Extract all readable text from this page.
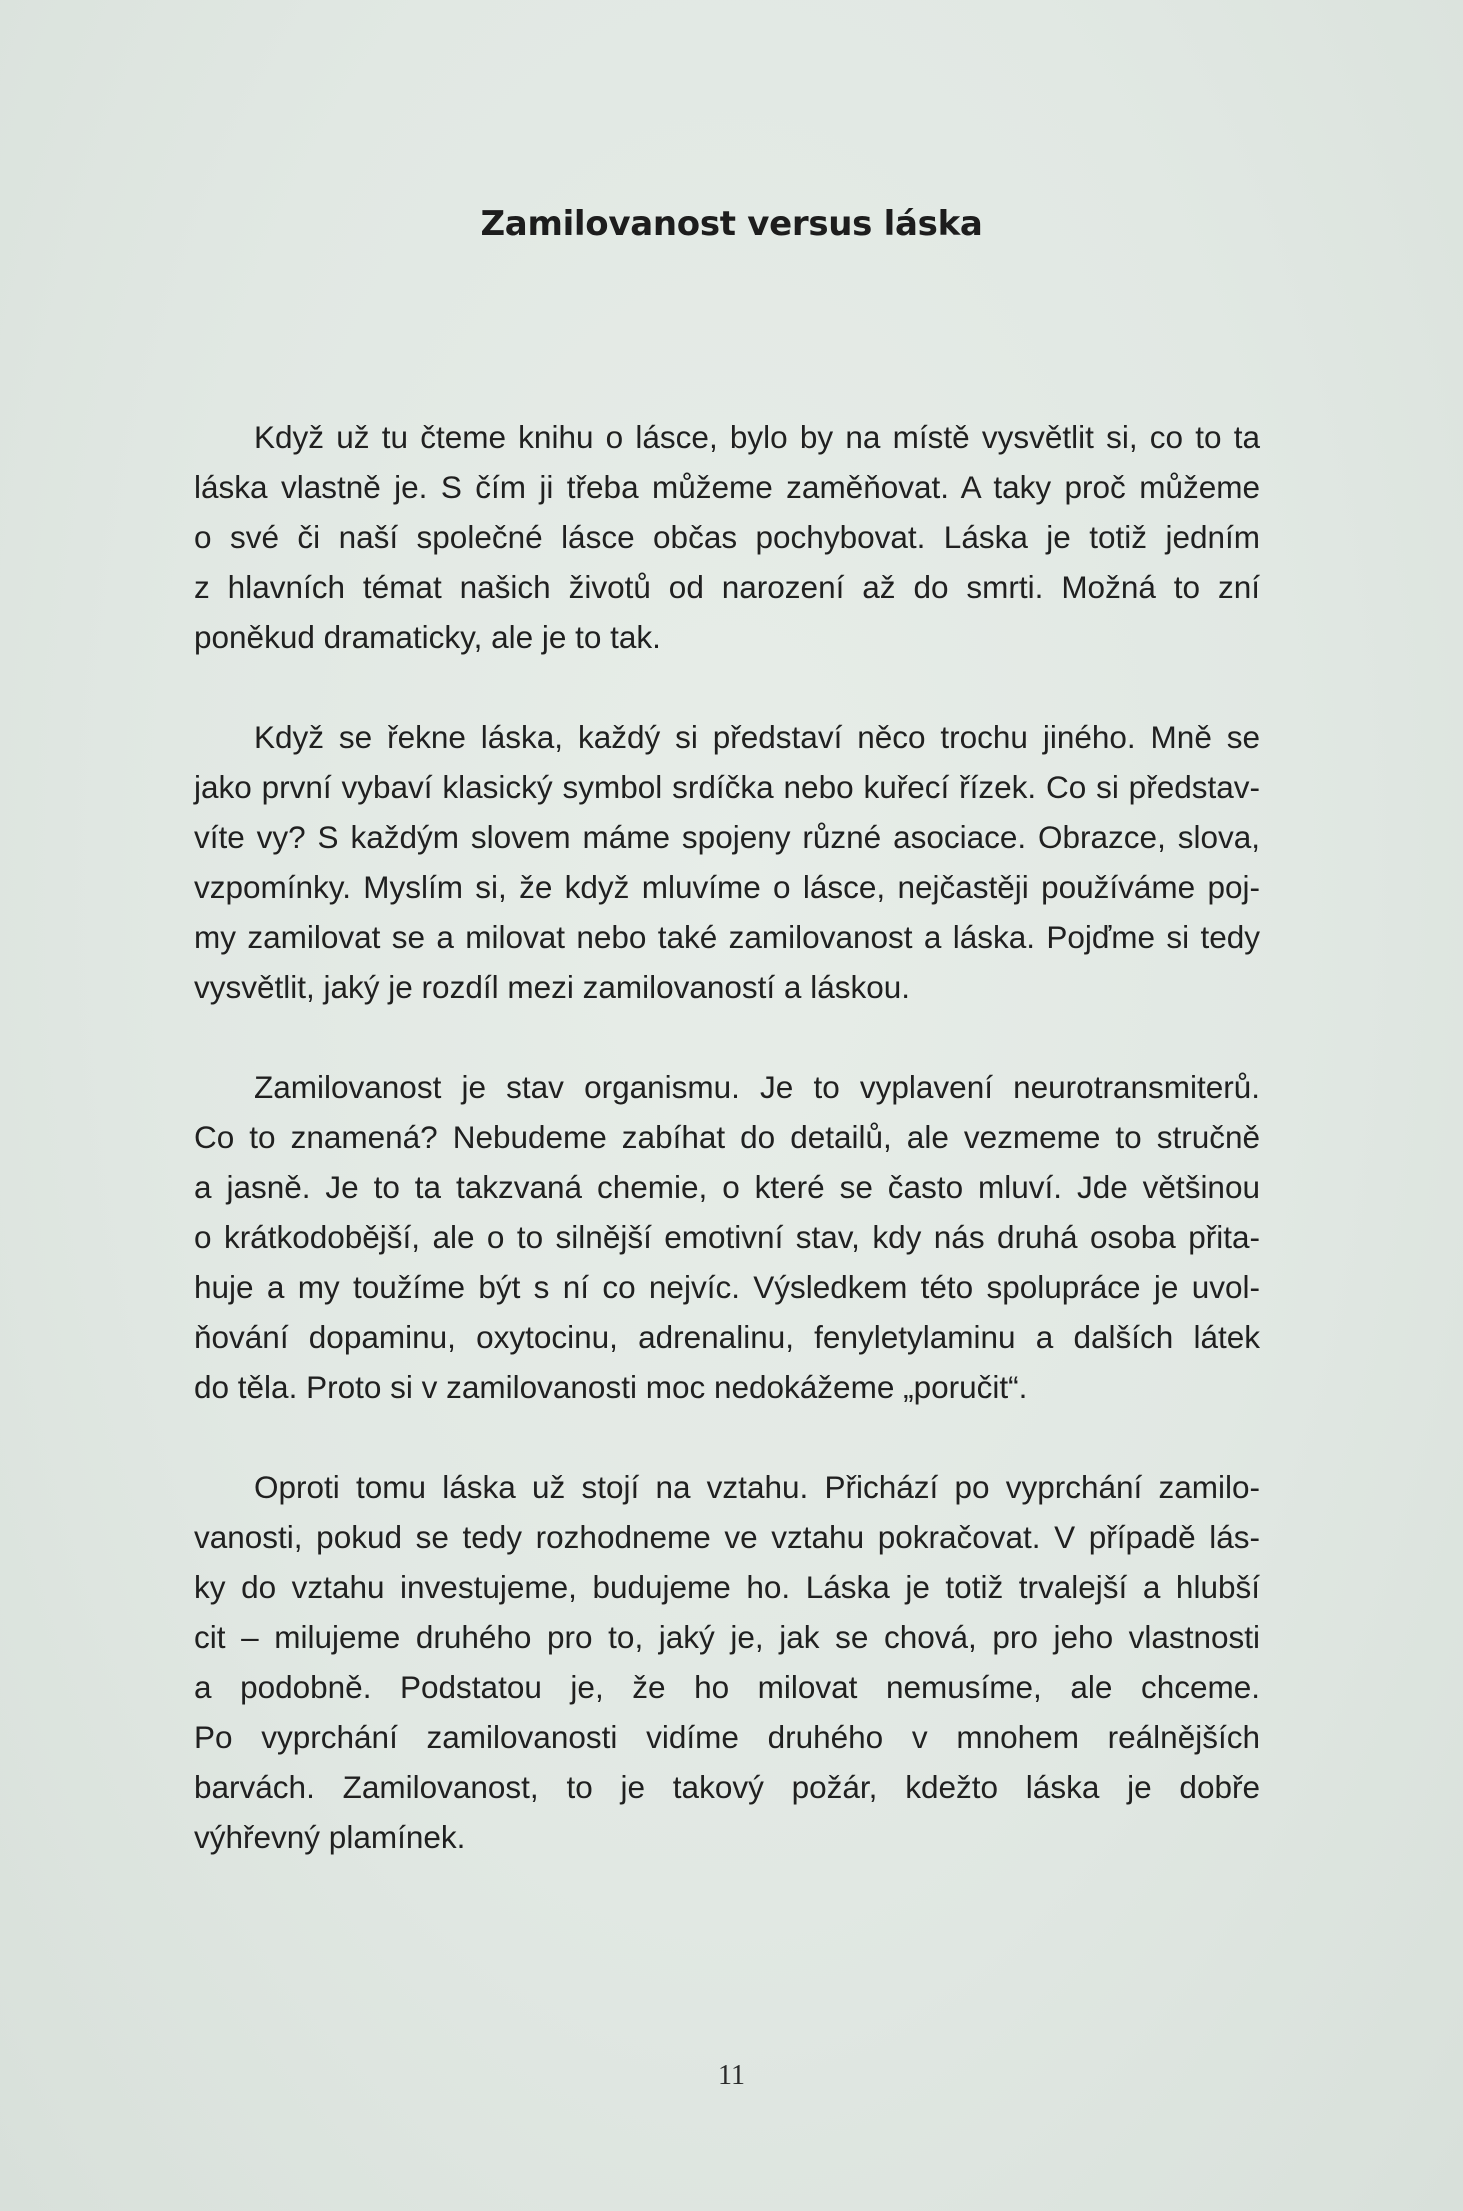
Zamilovanost versus láska
Když už tu čteme knihu o lásce, bylo by na místě vysvětlit si, co to ta
láska vlastně je. S čím ji třeba můžeme zaměňovat. A taky proč můžeme
o své či naší společné lásce občas pochybovat. Láska je totiž jedním
z hlavních témat našich životů od narození až do smrti. Možná to zní
poněkud dramaticky, ale je to tak.
Když se řekne láska, každý si představí něco trochu jiného. Mně se
jako první vybaví klasický symbol srdíčka nebo kuřecí řízek. Co si představ-
víte vy? S každým slovem máme spojeny různé asociace. Obrazce, slova,
vzpomínky. Myslím si, že když mluvíme o lásce, nejčastěji používáme poj-
my zamilovat se a milovat nebo také zamilovanost a láska. Pojďme si tedy
vysvětlit, jaký je rozdíl mezi zamilovaností a láskou.
Zamilovanost je stav organismu. Je to vyplavení neurotransmiterů.
Co to znamená? Nebudeme zabíhat do detailů, ale vezmeme to stručně
a jasně. Je to ta takzvaná chemie, o které se často mluví. Jde většinou
o krátkodobější, ale o to silnější emotivní stav, kdy nás druhá osoba přita-
huje a my toužíme být s ní co nejvíc. Výsledkem této spolupráce je uvol-
ňování dopaminu, oxytocinu, adrenalinu, fenyletylaminu a dalších látek
do těla. Proto si v zamilovanosti moc nedokážeme „poručit“.
Oproti tomu láska už stojí na vztahu. Přichází po vyprchání zamilo-
vanosti, pokud se tedy rozhodneme ve vztahu pokračovat. V případě lás-
ky do vztahu investujeme, budujeme ho. Láska je totiž trvalejší a hlubší
cit – milujeme druhého pro to, jaký je, jak se chová, pro jeho vlastnosti
a podobně. Podstatou je, že ho milovat nemusíme, ale chceme.
Po vyprchání zamilovanosti vidíme druhého v mnohem reálnějších
barvách. Zamilovanost, to je takový požár, kdežto láska je dobře
výhřevný plamínek.
11
